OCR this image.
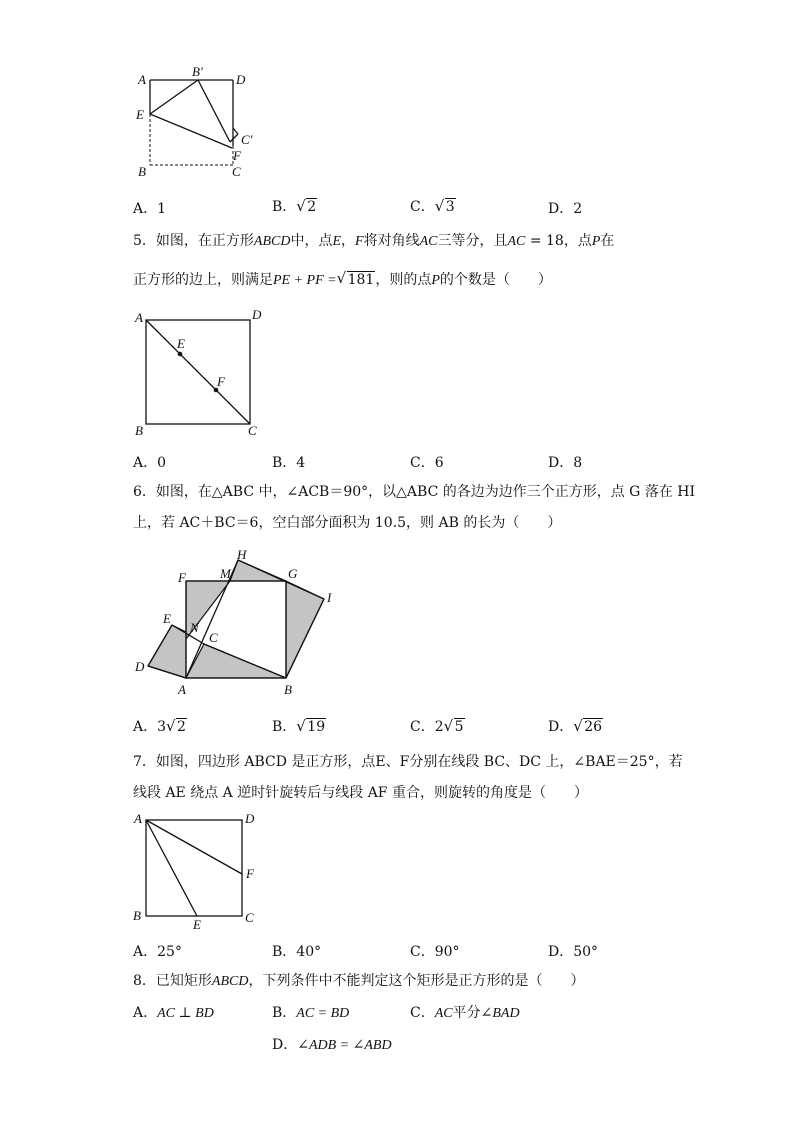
A
B′
D
E
C′
F
B	C
A．1	B． √ 2	C． √ 3	D．2
5．如图，在正方形ABCD中，点E，F将对角线AC三等分，且AC = 18，点P在
正方形的边上，则满足PE + PF = √ 181，则的点P的个数是（　　）
A	D
E
F
B	C
A．0	B．4	C．6	D．8
6．如图，在△ABC 中，∠ACB＝90°，以△ABC 的各边为边作三个正方形，点 G 落在 HI
上，若 AC＋BC＝6，空白部分面积为 10.5，则 AB 的长为（　　）
H
F	M	G
I
E
N
C
D
A	B
A．3 √ 2	B． √ 19	C．2 √ 5	D． √ 26
7．如图，四边形 ABCD 是正方形，点E、F分别在线段 BC、DC 上，∠BAE＝25°，若
线段 AE 绕点 A 逆时针旋转后与线段 AF 重合，则旋转的角度是（　　）
A	D
F
B
E	C
A．25°	B．40°	C．90°	D．50°
8．已知矩形ABCD，下列条件中不能判定这个矩形是正方形的是（　　）
A．AC ⊥ BD	B．AC = BD	C．AC平分∠BAD
D．∠ADB = ∠ABD
